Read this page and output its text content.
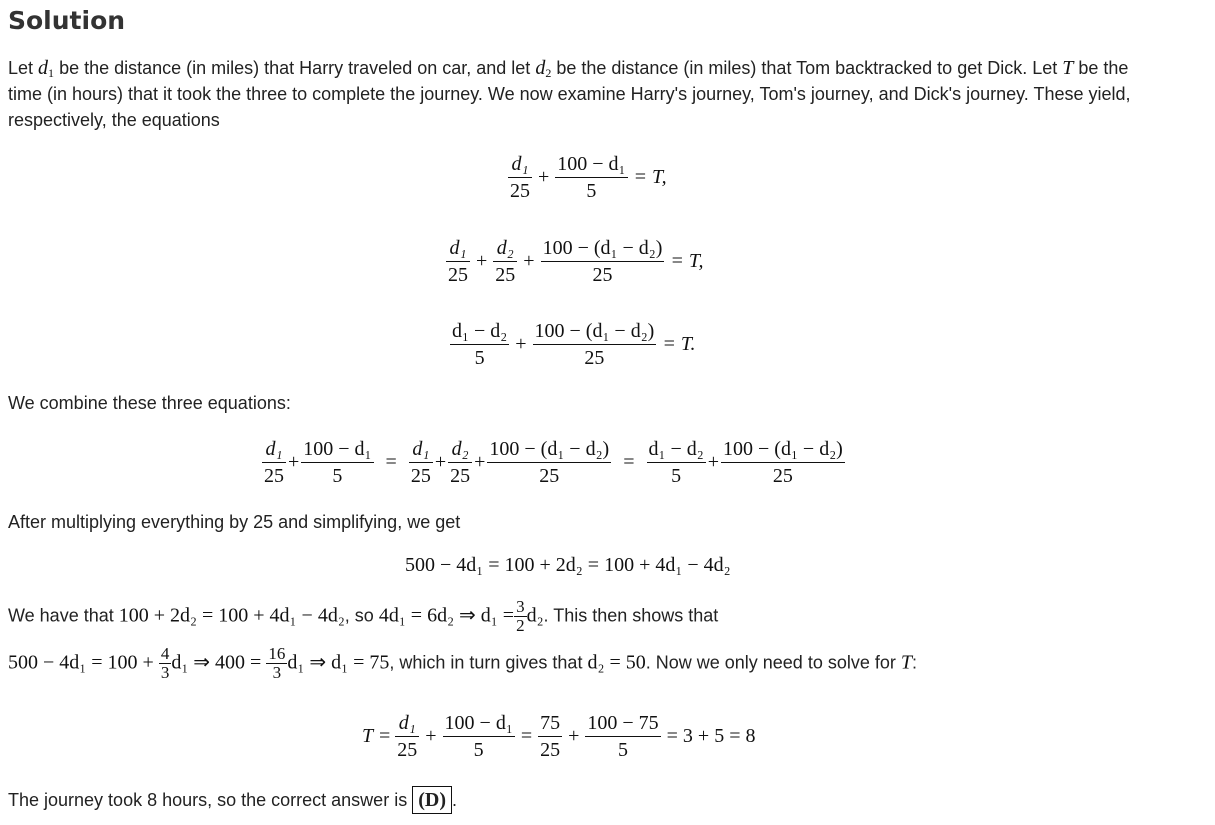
Solution
Let $d_1$ be the distance (in miles) that Harry traveled on car, and let $d_2$ be the distance (in miles) that Tom backtracked to get Dick. Let T be the
time (in hours) that it took the three to complete the journey. We now examine Harry's journey, Tom's journey, and Dick's journey. These yield,
respectively, the equations
$\frac{\text{d₁}}{25} + \frac{\text{100 − d₁}}{5} = T$,
$\frac{\text{d₁}}{25} + \frac{\text{d₂}}{25} + \frac{\text{100 − (d₁ − d₂)}}{25} = T$,
$\frac{\text{d₁ − d₂}}{5} + \frac{\text{100 − (d₁ − d₂)}}{25} = T$.
We combine these three equations:
$\frac{\text{d₁}}{25} + \frac{\text{100 − d₁}}{5} = \frac{\text{d₁}}{25} + \frac{\text{d₂}}{25} + \frac{\text{100 − (d₁ − d₂)}}{25} = \frac{\text{d₁ − d₂}}{5} + \frac{\text{100 − (d₁ − d₂)}}{25}$
After multiplying everything by 25 and simplifying, we get
500 − 4d₁ = 100 + 2d₂ = 100 + 4d₁ − 4d₂
We have that 100 + 2d₂ = 100 + 4d₁ − 4d₂, so 4d₁ = 6d₂ ⇒ $d_1 = \frac{3}{2} d_2$. This then shows that
$500 - 4d_1 = 100 + \frac{4}{3} d_1$ ⇒ $400 = \frac{16}{3} d_1$ ⇒ d₁ = 75, which in turn gives that d₂ = 50. Now we only need to solve for T:
$T = \frac{\text{d₁}}{25} + \frac{\text{100 − d₁}}{5} = \frac{75}{25} + \frac{100 - 75}{5} = 3 + 5 = 8$
The journey took 8 hours, so the correct answer is (D) .
